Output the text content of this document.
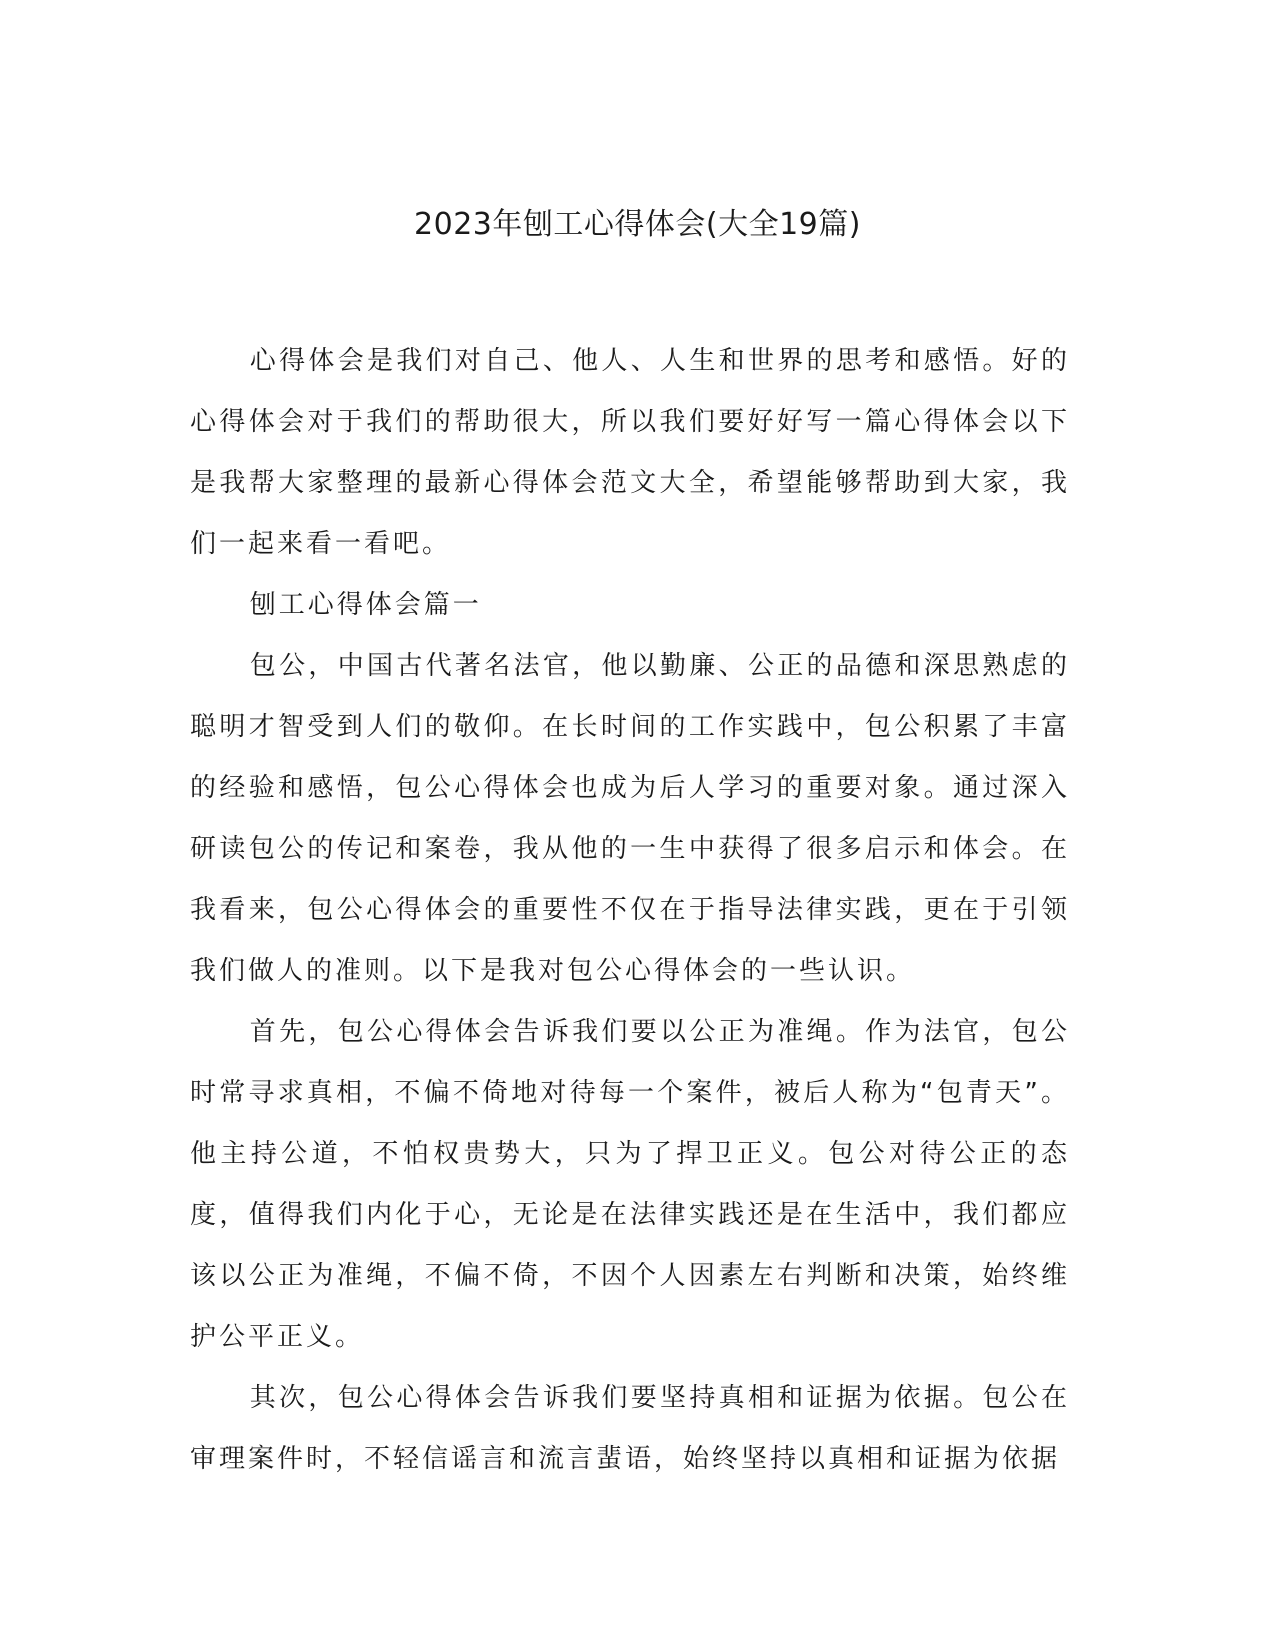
2023年刨工心得体会(大全19篇)

心得体会是我们对自己、他人、人生和世界的思考和感悟。好的心得体会对于我们的帮助很大，所以我们要好好写一篇心得体会以下是我帮大家整理的最新心得体会范文大全，希望能够帮助到大家，我们一起来看一看吧。

刨工心得体会篇一

包公，中国古代著名法官，他以勤廉、公正的品德和深思熟虑的聪明才智受到人们的敬仰。在长时间的工作实践中，包公积累了丰富的经验和感悟，包公心得体会也成为后人学习的重要对象。通过深入研读包公的传记和案卷，我从他的一生中获得了很多启示和体会。在我看来，包公心得体会的重要性不仅在于指导法律实践，更在于引领我们做人的准则。以下是我对包公心得体会的一些认识。

首先，包公心得体会告诉我们要以公正为准绳。作为法官，包公时常寻求真相，不偏不倚地对待每一个案件，被后人称为“包青天”。他主持公道，不怕权贵势大，只为了捍卫正义。包公对待公正的态度，值得我们内化于心，无论是在法律实践还是在生活中，我们都应该以公正为准绳，不偏不倚，不因个人因素左右判断和决策，始终维护公平正义。

其次，包公心得体会告诉我们要坚持真相和证据为依据。包公在审理案件时，不轻信谣言和流言蜚语，始终坚持以真相和证据为依据
